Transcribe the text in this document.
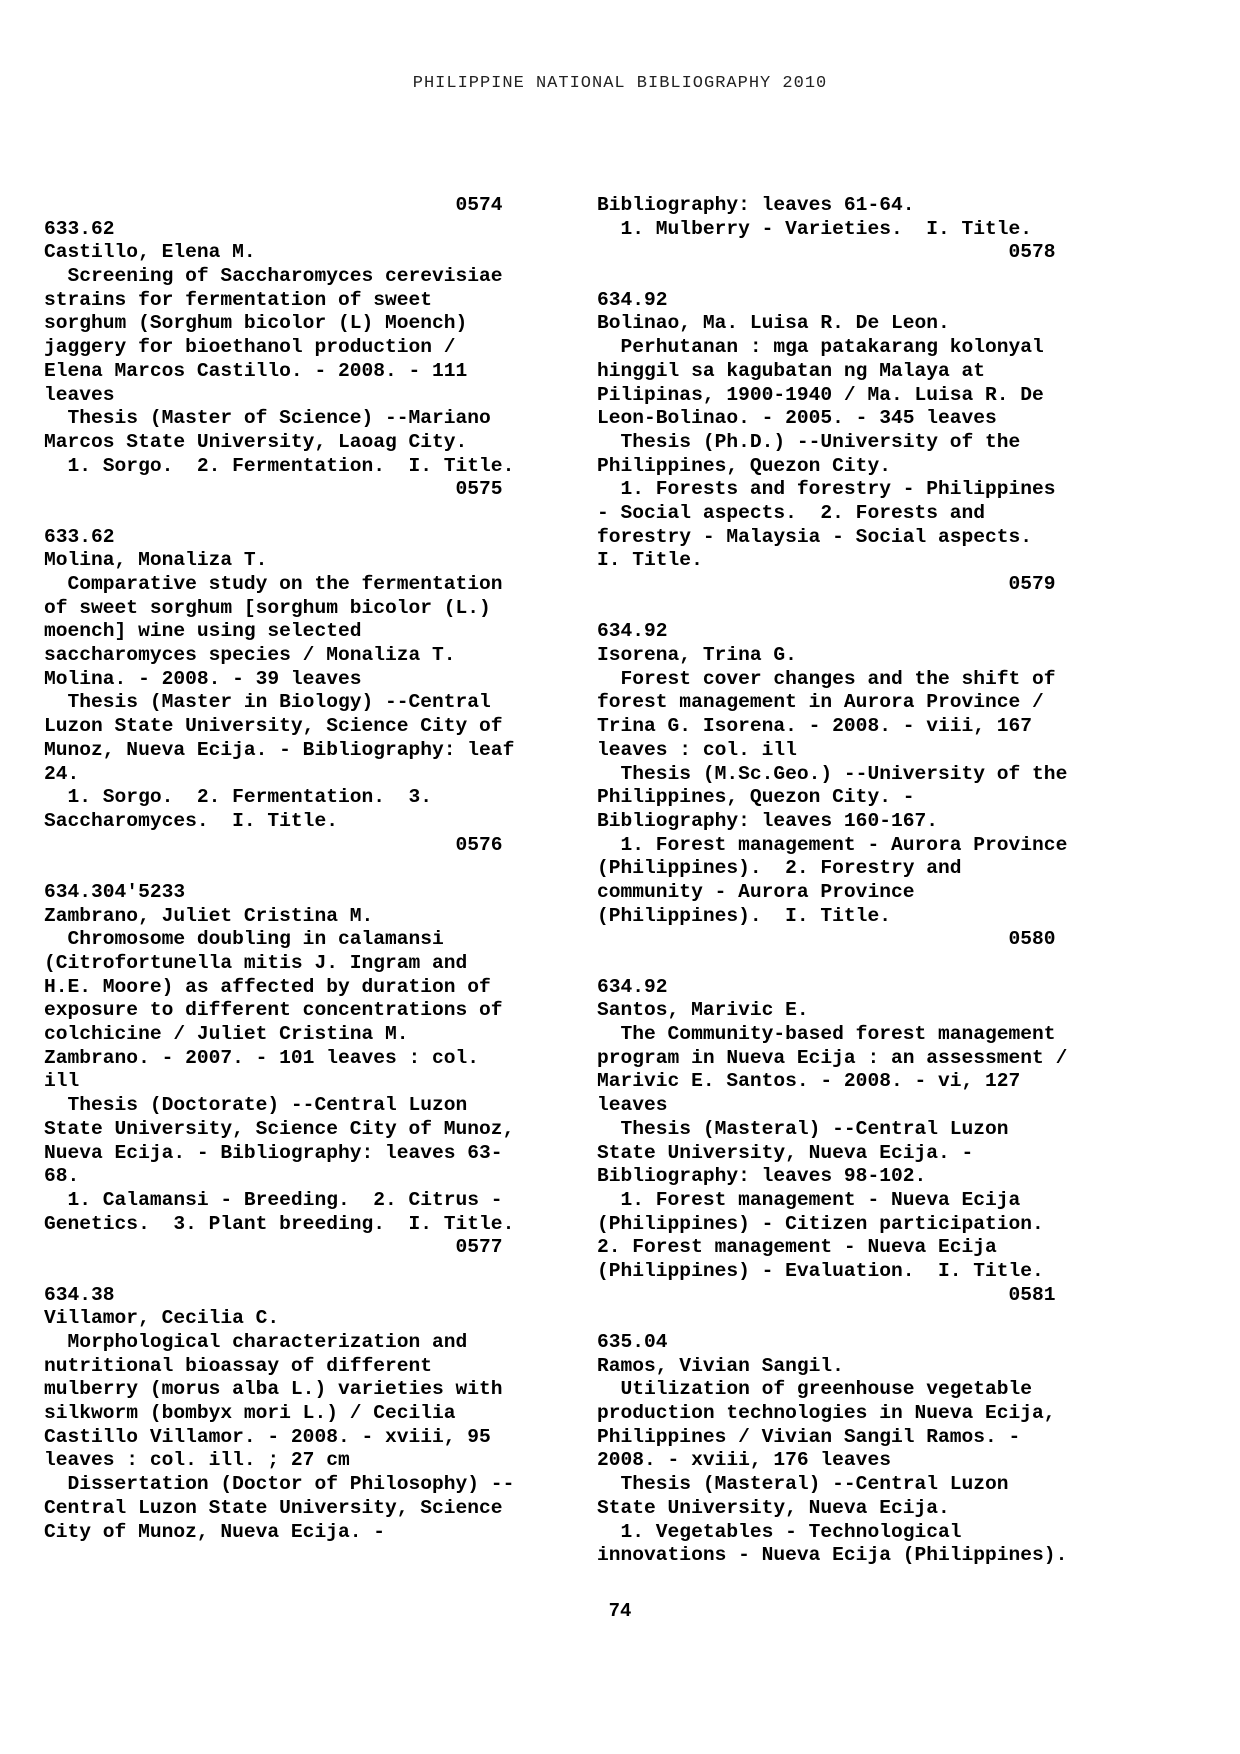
PHILIPPINE NATIONAL BIBLIOGRAPHY 2010
0574
633.62
Castillo, Elena M.
Screening of Saccharomyces cerevisiae
strains for fermentation of sweet
sorghum (Sorghum bicolor (L) Moench)
jaggery for bioethanol production /
Elena Marcos Castillo. - 2008. - 111
leaves
Thesis (Master of Science) --Mariano
Marcos State University, Laoag City.
1. Sorgo.  2. Fermentation.  I. Title.
0575
633.62
Molina, Monaliza T.
Comparative study on the fermentation
of sweet sorghum [sorghum bicolor (L.)
moench] wine using selected
saccharomyces species / Monaliza T.
Molina. - 2008. - 39 leaves
Thesis (Master in Biology) --Central
Luzon State University, Science City of
Munoz, Nueva Ecija. - Bibliography: leaf
24.
1. Sorgo.  2. Fermentation.  3.
Saccharomyces.  I. Title.
0576
634.304'5233
Zambrano, Juliet Cristina M.
Chromosome doubling in calamansi
(Citrofortunella mitis J. Ingram and
H.E. Moore) as affected by duration of
exposure to different concentrations of
colchicine / Juliet Cristina M.
Zambrano. - 2007. - 101 leaves : col.
ill
Thesis (Doctorate) --Central Luzon
State University, Science City of Munoz,
Nueva Ecija. - Bibliography: leaves 63-
68.
1. Calamansi - Breeding.  2. Citrus -
Genetics.  3. Plant breeding.  I. Title.
0577
634.38
Villamor, Cecilia C.
Morphological characterization and
nutritional bioassay of different
mulberry (morus alba L.) varieties with
silkworm (bombyx mori L.) / Cecilia
Castillo Villamor. - 2008. - xviii, 95
leaves : col. ill. ; 27 cm
Dissertation (Doctor of Philosophy) --
Central Luzon State University, Science
City of Munoz, Nueva Ecija. -
Bibliography: leaves 61-64.
1. Mulberry - Varieties.  I. Title.
0578
634.92
Bolinao, Ma. Luisa R. De Leon.
Perhutanan : mga patakarang kolonyal
hinggil sa kagubatan ng Malaya at
Pilipinas, 1900-1940 / Ma. Luisa R. De
Leon-Bolinao. - 2005. - 345 leaves
Thesis (Ph.D.) --University of the
Philippines, Quezon City.
1. Forests and forestry - Philippines
- Social aspects.  2. Forests and
forestry - Malaysia - Social aspects.
I. Title.
0579
634.92
Isorena, Trina G.
Forest cover changes and the shift of
forest management in Aurora Province /
Trina G. Isorena. - 2008. - viii, 167
leaves : col. ill
Thesis (M.Sc.Geo.) --University of the
Philippines, Quezon City. -
Bibliography: leaves 160-167.
1. Forest management - Aurora Province
(Philippines).  2. Forestry and
community - Aurora Province
(Philippines).  I. Title.
0580
634.92
Santos, Marivic E.
The Community-based forest management
program in Nueva Ecija : an assessment /
Marivic E. Santos. - 2008. - vi, 127
leaves
Thesis (Masteral) --Central Luzon
State University, Nueva Ecija. -
Bibliography: leaves 98-102.
1. Forest management - Nueva Ecija
(Philippines) - Citizen participation.
2. Forest management - Nueva Ecija
(Philippines) - Evaluation.  I. Title.
0581
635.04
Ramos, Vivian Sangil.
Utilization of greenhouse vegetable
production technologies in Nueva Ecija,
Philippines / Vivian Sangil Ramos. -
2008. - xviii, 176 leaves
Thesis (Masteral) --Central Luzon
State University, Nueva Ecija.
1. Vegetables - Technological
innovations - Nueva Ecija (Philippines).
74
